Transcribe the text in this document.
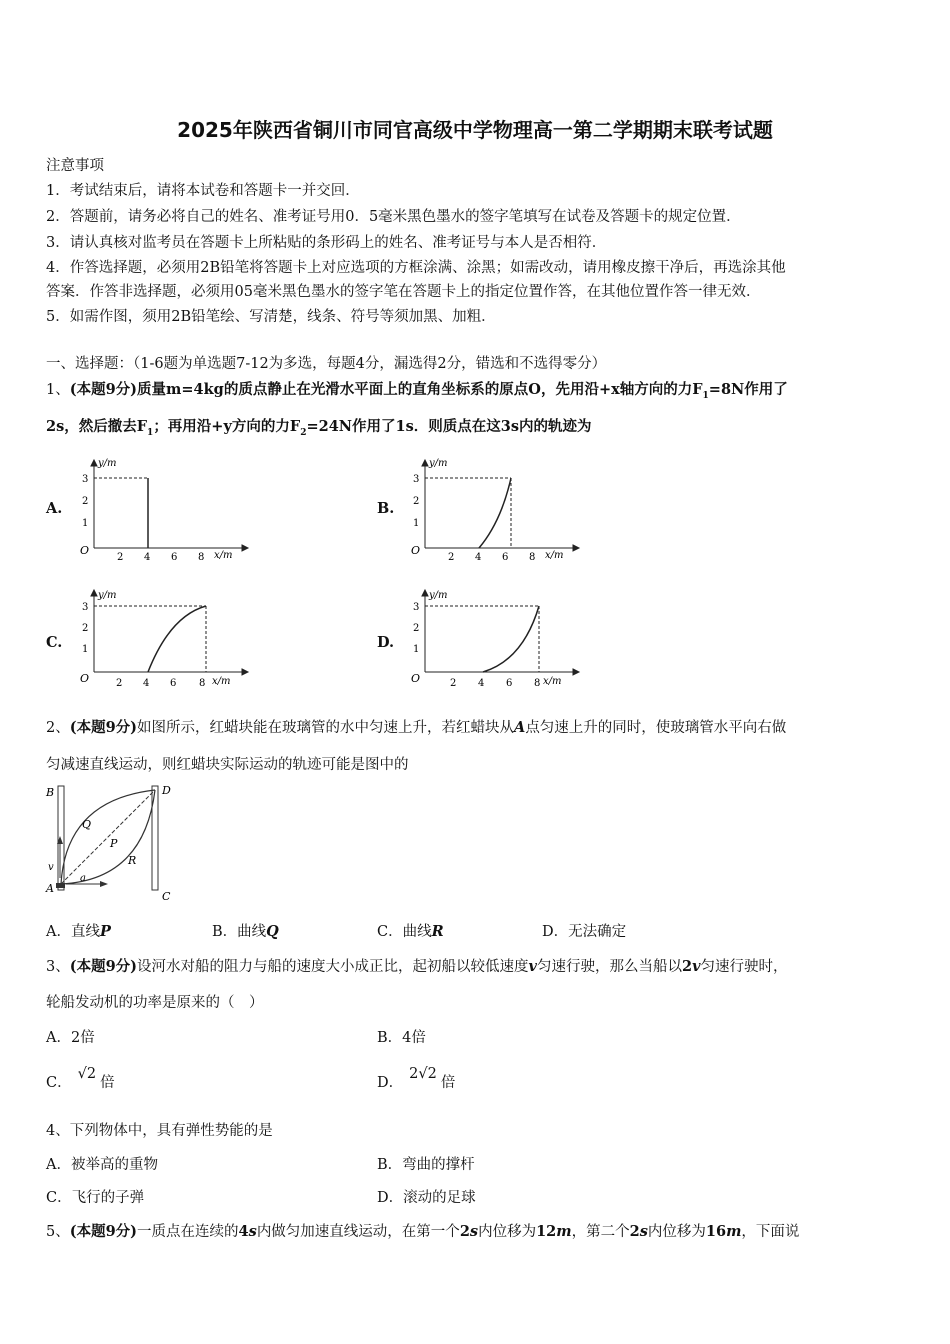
2025年陕西省铜川市同官高级中学物理高一第二学期期末联考试题
注意事项
1．考试结束后，请将本试卷和答题卡一并交回．
2．答题前，请务必将自己的姓名、准考证号用0．5毫米黑色墨水的签字笔填写在试卷及答题卡的规定位置．
3．请认真核对监考员在答题卡上所粘贴的条形码上的姓名、准考证号与本人是否相符．
4．作答选择题，必须用2B铅笔将答题卡上对应选项的方框涂满、涂黑；如需改动，请用橡皮擦干净后，再选涂其他
答案．作答非选择题，必须用05毫米黑色墨水的签字笔在答题卡上的指定位置作答，在其他位置作答一律无效．
5．如需作图，须用2B铅笔绘、写清楚，线条、符号等须加黑、加粗．
一、选择题：（1-6题为单选题7-12为多选，每题4分，漏选得2分，错选和不选得零分）
1、(本题9分)质量m=4kg的质点静止在光滑水平面上的直角坐标系的原点O，先用沿+x轴方向的力$F_1=8N$作用了
2s，然后撤去$F_1$；再用沿+y方向的力$F_2=24N$作用了1s．则质点在这3s内的轨迹为
A.	B.
C.	D.
y/m
x/m
O
2 4 6 8
1
2
3
y/m
x/m
O
2 4 6 8
1
2
3
y/m
x/m
O	2 4 6 8
1
2
3
y/m
x/m
O	2 4 6 8
1
2
3
2、(本题9分)如图所示，红蜡块能在玻璃管的水中匀速上升，若红蜡块从A点匀速上升的同时，使玻璃管水平向右做
匀减速直线运动，则红蜡块实际运动的轨迹可能是图中的
B	D
Q
P
R
v
a
A
C
A．直线P	B．曲线Q	C．曲线R	D．无法确定
3、(本题9分)设河水对船的阻力与船的速度大小成正比，起初船以较低速度v匀速行驶，那么当船以2v匀速行驶时，
轮船发动机的功率是原来的（　）
A．2倍	B．4倍
C．√2倍	D．2√2倍
4、下列物体中，具有弹性势能的是
A．被举高的重物	B．弯曲的撑杆
C．飞行的子弹	D．滚动的足球
5、(本题9分)一质点在连续的4s内做匀加速直线运动，在第一个2s内位移为12m，第二个2s内位移为16m，下面说
